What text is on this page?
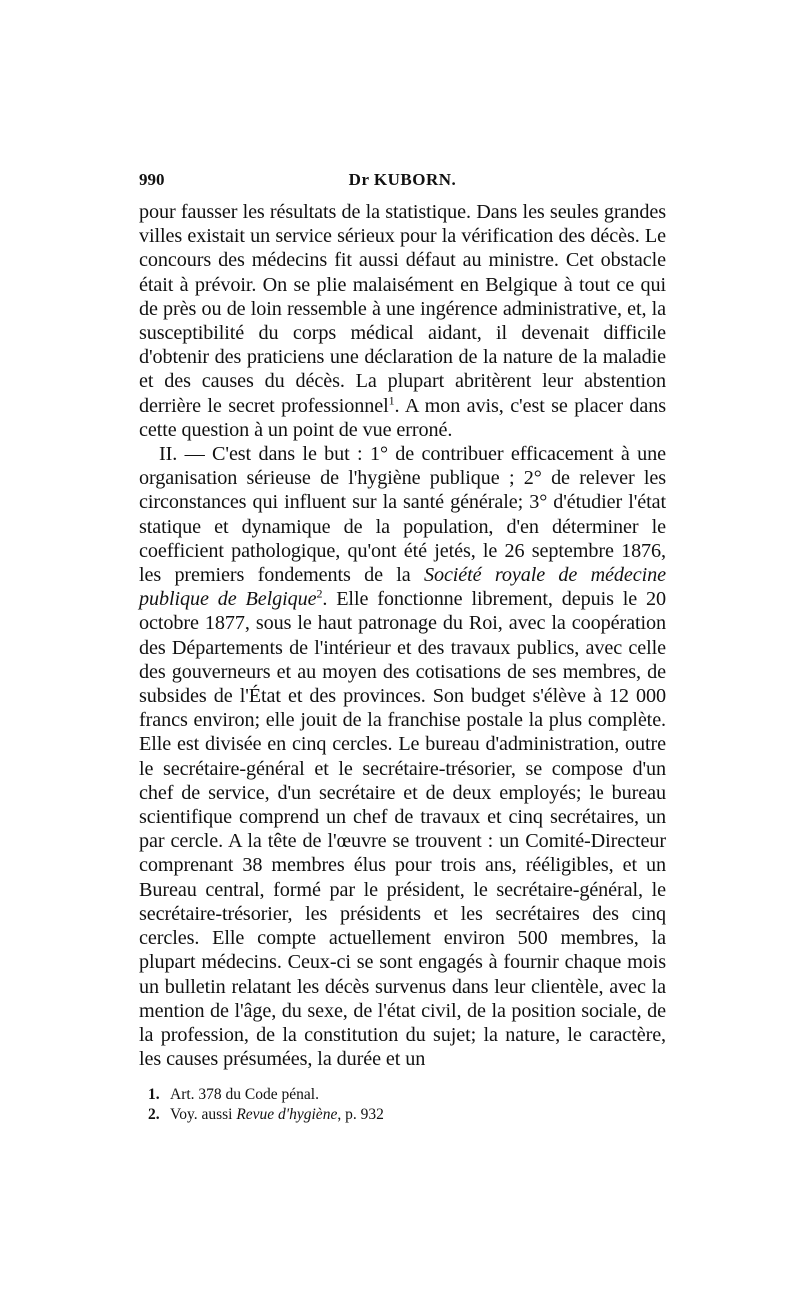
990	Dr KUBORN.

pour fausser les résultats de la statistique. Dans les seules grandes villes existait un service sérieux pour la vérification des décès. Le concours des médecins fit aussi défaut au ministre. Cet obstacle était à prévoir. On se plie malaisément en Belgique à tout ce qui de près ou de loin ressemble à une ingérence administrative, et, la susceptibilité du corps médical aidant, il devenait difficile d'obtenir des praticiens une déclaration de la nature de la maladie et des causes du décès. La plupart abritèrent leur abstention derrière le secret professionnel$^1$. A mon avis, c'est se placer dans cette question à un point de vue erroné.

II. — C'est dans le but : 1° de contribuer efficacement à une organisation sérieuse de l'hygiène publique ; 2° de relever les circonstances qui influent sur la santé générale; 3° d'étudier l'état statique et dynamique de la population, d'en déterminer le coefficient pathologique, qu'ont été jetés, le 26 septembre 1876, les premiers fondements de la Société royale de médecine publique de Belgique$^2$. Elle fonctionne librement, depuis le 20 octobre 1877, sous le haut patronage du Roi, avec la coopération des Départements de l'intérieur et des travaux publics, avec celle des gouverneurs et au moyen des cotisations de ses membres, de subsides de l'État et des provinces. Son budget s'élève à 12 000 francs environ; elle jouit de la franchise postale la plus complète. Elle est divisée en cinq cercles. Le bureau d'administration, outre le secrétaire-général et le secrétaire-trésorier, se compose d'un chef de service, d'un secrétaire et de deux employés; le bureau scientifique comprend un chef de travaux et cinq secrétaires, un par cercle. A la tête de l'œuvre se trouvent : un Comité-Directeur comprenant 38 membres élus pour trois ans, rééligibles, et un Bureau central, formé par le président, le secrétaire-général, le secrétaire-trésorier, les présidents et les secrétaires des cinq cercles. Elle compte actuellement environ 500 membres, la plupart médecins. Ceux-ci se sont engagés à fournir chaque mois un bulletin relatant les décès survenus dans leur clientèle, avec la mention de l'âge, du sexe, de l'état civil, de la position sociale, de la profession, de la constitution du sujet; la nature, le caractère, les causes présumées, la durée et un

1. Art. 378 du Code pénal.

2. Voy. aussi Revue d'hygiène, p. 932
